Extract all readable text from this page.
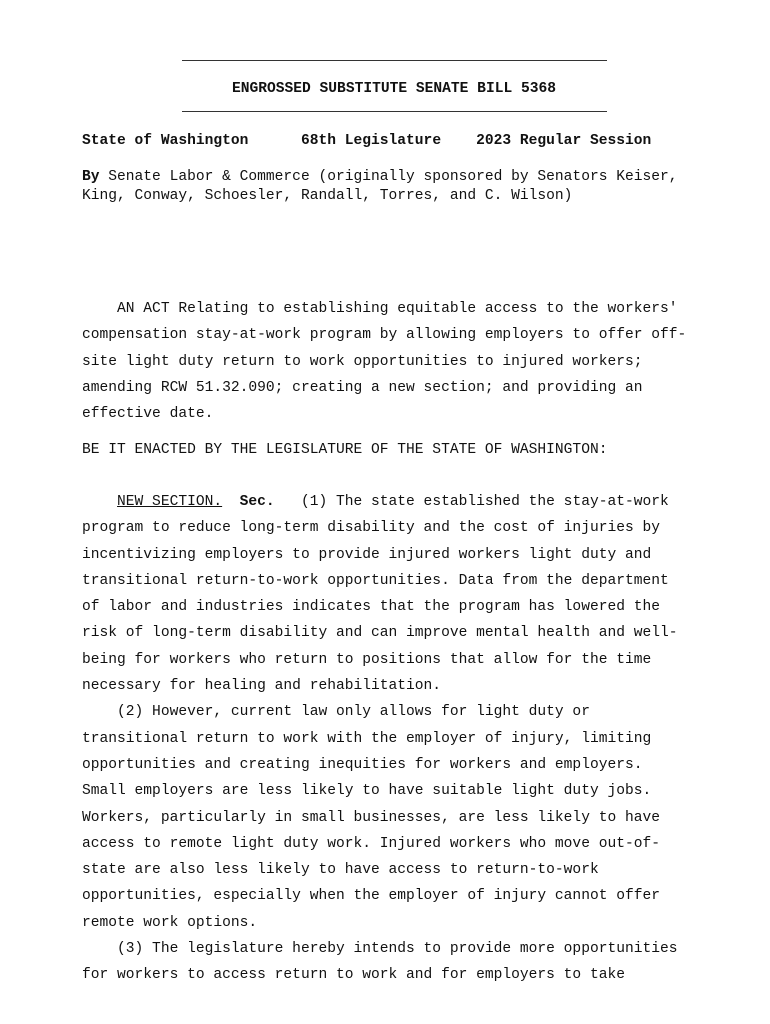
ENGROSSED SUBSTITUTE SENATE BILL 5368
State of Washington	68th Legislature 2023 Regular Session
By Senate Labor & Commerce (originally sponsored by Senators Keiser,
King, Conway, Schoesler, Randall, Torres, and C. Wilson)
AN ACT Relating to establishing equitable access to the workers'
compensation stay-at-work program by allowing employers to offer off-
site light duty return to work opportunities to injured workers;
amending RCW 51.32.090; creating a new section; and providing an
effective date.
BE IT ENACTED BY THE LEGISLATURE OF THE STATE OF WASHINGTON:
NEW SECTION. Sec. (1) The state established the stay-at-work
program to reduce long-term disability and the cost of injuries by
incentivizing employers to provide injured workers light duty and
transitional return-to-work opportunities. Data from the department
of labor and industries indicates that the program has lowered the
risk of long-term disability and can improve mental health and well-
being for workers who return to positions that allow for the time
necessary for healing and rehabilitation.
(2) However, current law only allows for light duty or
transitional return to work with the employer of injury, limiting
opportunities and creating inequities for workers and employers.
Small employers are less likely to have suitable light duty jobs.
Workers, particularly in small businesses, are less likely to have
access to remote light duty work. Injured workers who move out-of-
state are also less likely to have access to return-to-work
opportunities, especially when the employer of injury cannot offer
remote work options.
(3) The legislature hereby intends to provide more opportunities
for workers to access return to work and for employers to take
